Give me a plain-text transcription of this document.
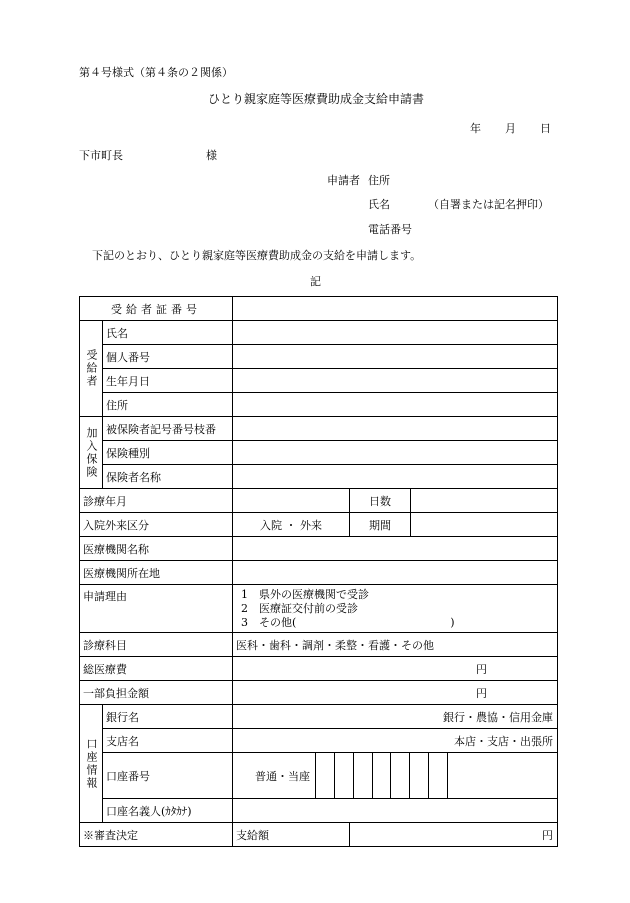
第４号様式（第４条の２関係）
ひとり親家庭等医療費助成金支給申請書
年 月 日
下市町長	様
申請者 住所
氏名	（自署または記名押印）
電話番号
下記のとおり、ひとり親家庭等医療費助成金の支給を申請します。
記
受給者証番号				
受給者	氏名			
	個人番号			
	生年月日			
	住所			
加入保険	被保険者記号番号枝番			
	保険種別			
	保険者名称			
診療年月			日数	
入院外来区分		入院 ・ 外来	期間	
医療機関名称				
医療機関所在地				
申請理由		1　県外の医療機関で受診
2　医療証交付前の受診
3　その他(　　　　　　　　　　　　　　)		

診療科目		医科・歯科・調剤・柔整・看護・その他		
総医療費		円		
一部負担金額		円		
口座情報	銀行名	銀行・農協・信用金庫		
	支店名	本店・支店・出張所		
	口座番号	普通・当座		

	口座名義人(ｶﾀｶﾅ)			
※審査決定		支給額	円	
